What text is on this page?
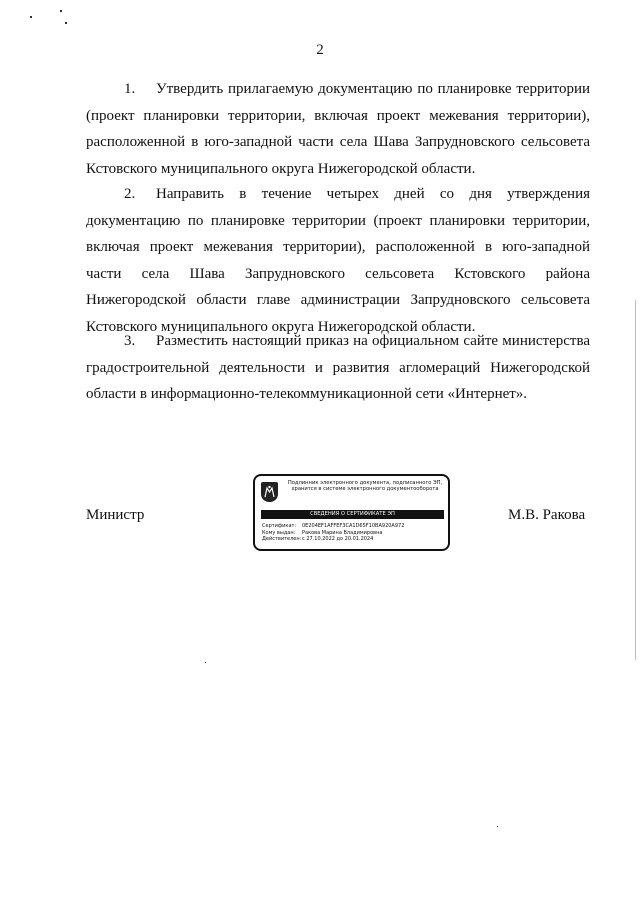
2

1. Утвердить прилагаемую документацию по планировке территории (проект планировки территории, включая проект межевания территории), расположенной в юго-западной части села Шава Запрудновского сельсовета Кстовского муниципального округа Нижегородской области.

2. Направить в течение четырех дней со дня утверждения документацию по планировке территории (проект планировки территории, включая проект межевания территории), расположенной в юго-западной части села Шава Запрудновского сельсовета Кстовского района Нижегородской области главе администрации Запрудновского сельсовета Кстовского муниципального округа Нижегородской области.

3. Разместить настоящий приказ на официальном сайте министерства градостроительной деятельности и развития агломераций Нижегородской области в информационно-телекоммуникационной сети «Интернет».

Министр	М.В. Ракова
Подлинник электронного документа, подписанного ЭП, хранится в системе электронного документооборота
СВЕДЕНИЯ О СЕРТИФИКАТЕ ЭП
Сертификат: 0E204EF1AFFEF3CA1D65F10BA920A972
Кому выдан: Ракова Марина Владимировна
Действителен:с 27.10.2022 до 20.01.2024
